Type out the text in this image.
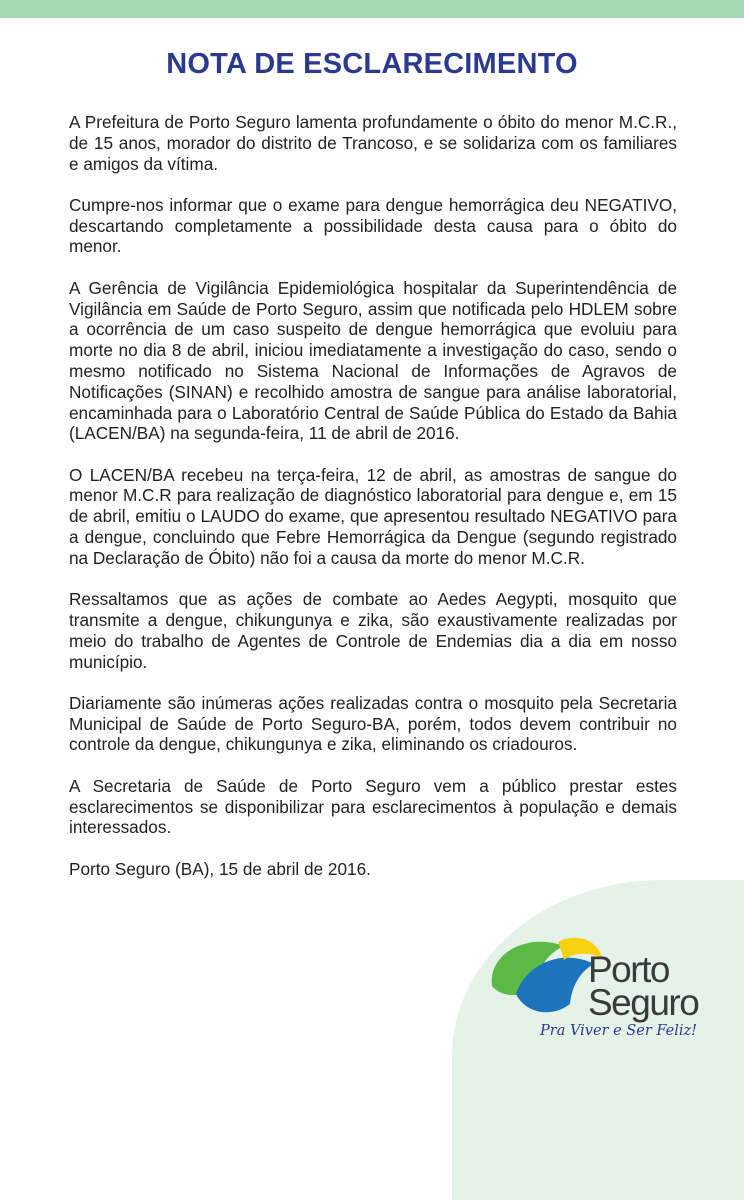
NOTA DE ESCLARECIMENTO

A Prefeitura de Porto Seguro lamenta profundamente o óbito do menor M.C.R., de 15 anos, morador do distrito de Trancoso, e se solidariza com os familiares e amigos da vítima.

Cumpre-nos informar que o exame para dengue hemorrágica deu NEGATIVO, descartando completamente a possibilidade desta causa para o óbito do menor.

A Gerência de Vigilância Epidemiológica hospitalar da Superintendência de Vigilância em Saúde de Porto Seguro, assim que notificada pelo HDLEM sobre a ocorrência de um caso suspeito de dengue hemorrágica que evoluiu para morte no dia 8 de abril, iniciou imediatamente a investigação do caso, sendo o mesmo notificado no Sistema Nacional de Informações de Agravos de Notificações (SINAN) e recolhido amostra de sangue para análise laboratorial, encaminhada para o Laboratório Central de Saúde Pública do Estado da Bahia (LACEN/BA) na segunda-feira, 11 de abril de 2016.

O LACEN/BA recebeu na terça-feira, 12 de abril, as amostras de sangue do menor M.C.R para realização de diagnóstico laboratorial para dengue e, em 15 de abril, emitiu o LAUDO do exame, que apresentou resultado NEGATIVO para a dengue, concluindo que Febre Hemorrágica da Dengue (segundo registrado na Declaração de Óbito) não foi a causa da morte do menor M.C.R.

Ressaltamos que as ações de combate ao Aedes Aegypti, mosquito que transmite a dengue, chikungunya e zika, são exaustivamente realizadas por meio do trabalho de Agentes de Controle de Endemias dia a dia em nosso município.

Diariamente são inúmeras ações realizadas contra o mosquito pela Secretaria Municipal de Saúde de Porto Seguro-BA, porém, todos devem contribuir no controle da dengue, chikungunya e zika, eliminando os criadouros.

A Secretaria de Saúde de Porto Seguro vem a público prestar estes esclarecimentos se disponibilizar para esclarecimentos à população e demais interessados.

Porto Seguro (BA), 15 de abril de 2016.

Porto
Seguro
Pra Viver e Ser Feliz!
